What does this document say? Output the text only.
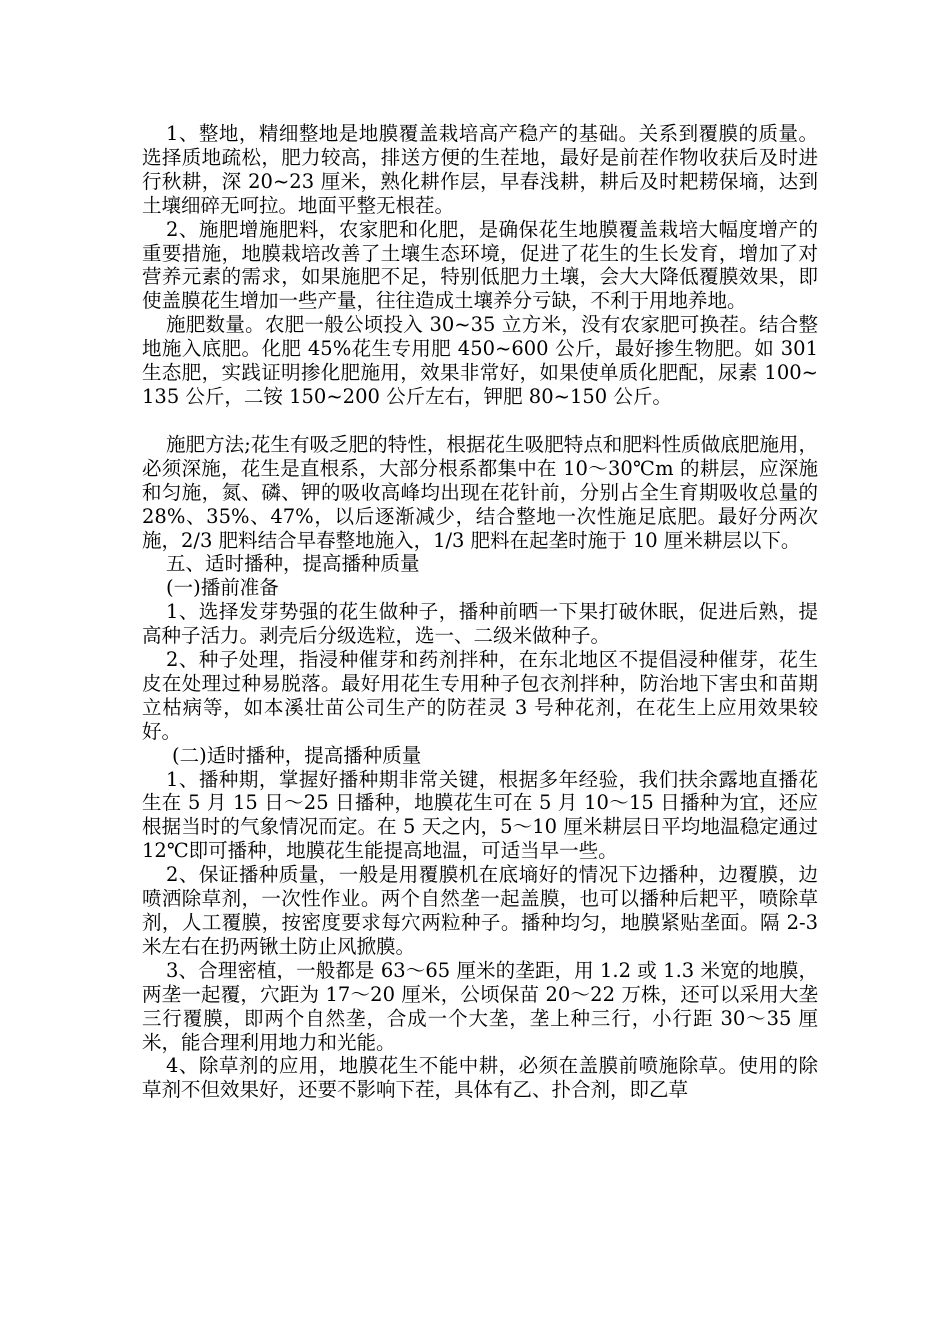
1、整地，精细整地是地膜覆盖栽培高产稳产的基础。关系到覆膜的质量。选择质地疏松，肥力较高，排送方便的生茬地，最好是前茬作物收获后及时进行秋耕，深 20~23 厘米，熟化耕作层，早春浅耕，耕后及时耙耢保墒，达到土壤细碎无呵拉。地面平整无根茬。

2、施肥增施肥料，农家肥和化肥，是确保花生地膜覆盖栽培大幅度增产的重要措施，地膜栽培改善了土壤生态环境，促进了花生的生长发育，增加了对营养元素的需求，如果施肥不足，特别低肥力土壤，会大大降低覆膜效果，即使盖膜花生增加一些产量，往往造成土壤养分亏缺，不利于用地养地。

施肥数量。农肥一般公顷投入 30~35 立方米，没有农家肥可换茬。结合整地施入底肥。化肥 45%花生专用肥 450~600 公斤，最好掺生物肥。如 301 生态肥，实践证明掺化肥施用，效果非常好，如果使单质化肥配，尿素 100~135 公斤，二铵 150~200 公斤左右，钾肥 80~150 公斤。

施肥方法;花生有吸乏肥的特性，根据花生吸肥特点和肥料性质做底肥施用，必须深施，花生是直根系，大部分根系都集中在 10～30℃m 的耕层，应深施和匀施，氮、磷、钾的吸收高峰均出现在花针前，分别占全生育期吸收总量的 28%、35%、47%，以后逐渐减少，结合整地一次性施足底肥。最好分两次施，2/3 肥料结合早春整地施入，1/3 肥料在起垄时施于 10 厘米耕层以下。

五、适时播种，提高播种质量

(一)播前准备

1、选择发芽势强的花生做种子，播种前晒一下果打破休眠，促进后熟，提高种子活力。剥壳后分级选粒，选一、二级米做种子。

2、种子处理，指浸种催芽和药剂拌种，在东北地区不提倡浸种催芽，花生皮在处理过种易脱落。最好用花生专用种子包衣剂拌种，防治地下害虫和苗期立枯病等，如本溪壮苗公司生产的防茬灵 3 号种花剂，在花生上应用效果较好。

(二)适时播种，提高播种质量

1、播种期，掌握好播种期非常关键，根据多年经验，我们扶余露地直播花生在 5 月 15 日～25 日播种，地膜花生可在 5 月 10～15 日播种为宜，还应根据当时的气象情况而定。在 5 天之内，5～10 厘米耕层日平均地温稳定通过 12℃即可播种，地膜花生能提高地温，可适当早一些。

2、保证播种质量，一般是用覆膜机在底墒好的情况下边播种，边覆膜，边喷洒除草剂，一次性作业。两个自然垄一起盖膜，也可以播种后耙平，喷除草剂，人工覆膜，按密度要求每穴两粒种子。播种均匀，地膜紧贴垄面。隔 2-3 米左右在扔两锹土防止风掀膜。

3、合理密植，一般都是 63～65 厘米的垄距，用 1.2 或 1.3 米宽的地膜，两垄一起覆，穴距为 17～20 厘米，公顷保苗 20～22 万株，还可以采用大垄三行覆膜，即两个自然垄，合成一个大垄，垄上种三行，小行距 30～35 厘米，能合理利用地力和光能。

4、除草剂的应用，地膜花生不能中耕，必须在盖膜前喷施除草。使用的除草剂不但效果好，还要不影响下茬，具体有乙、扑合剂，即乙草
